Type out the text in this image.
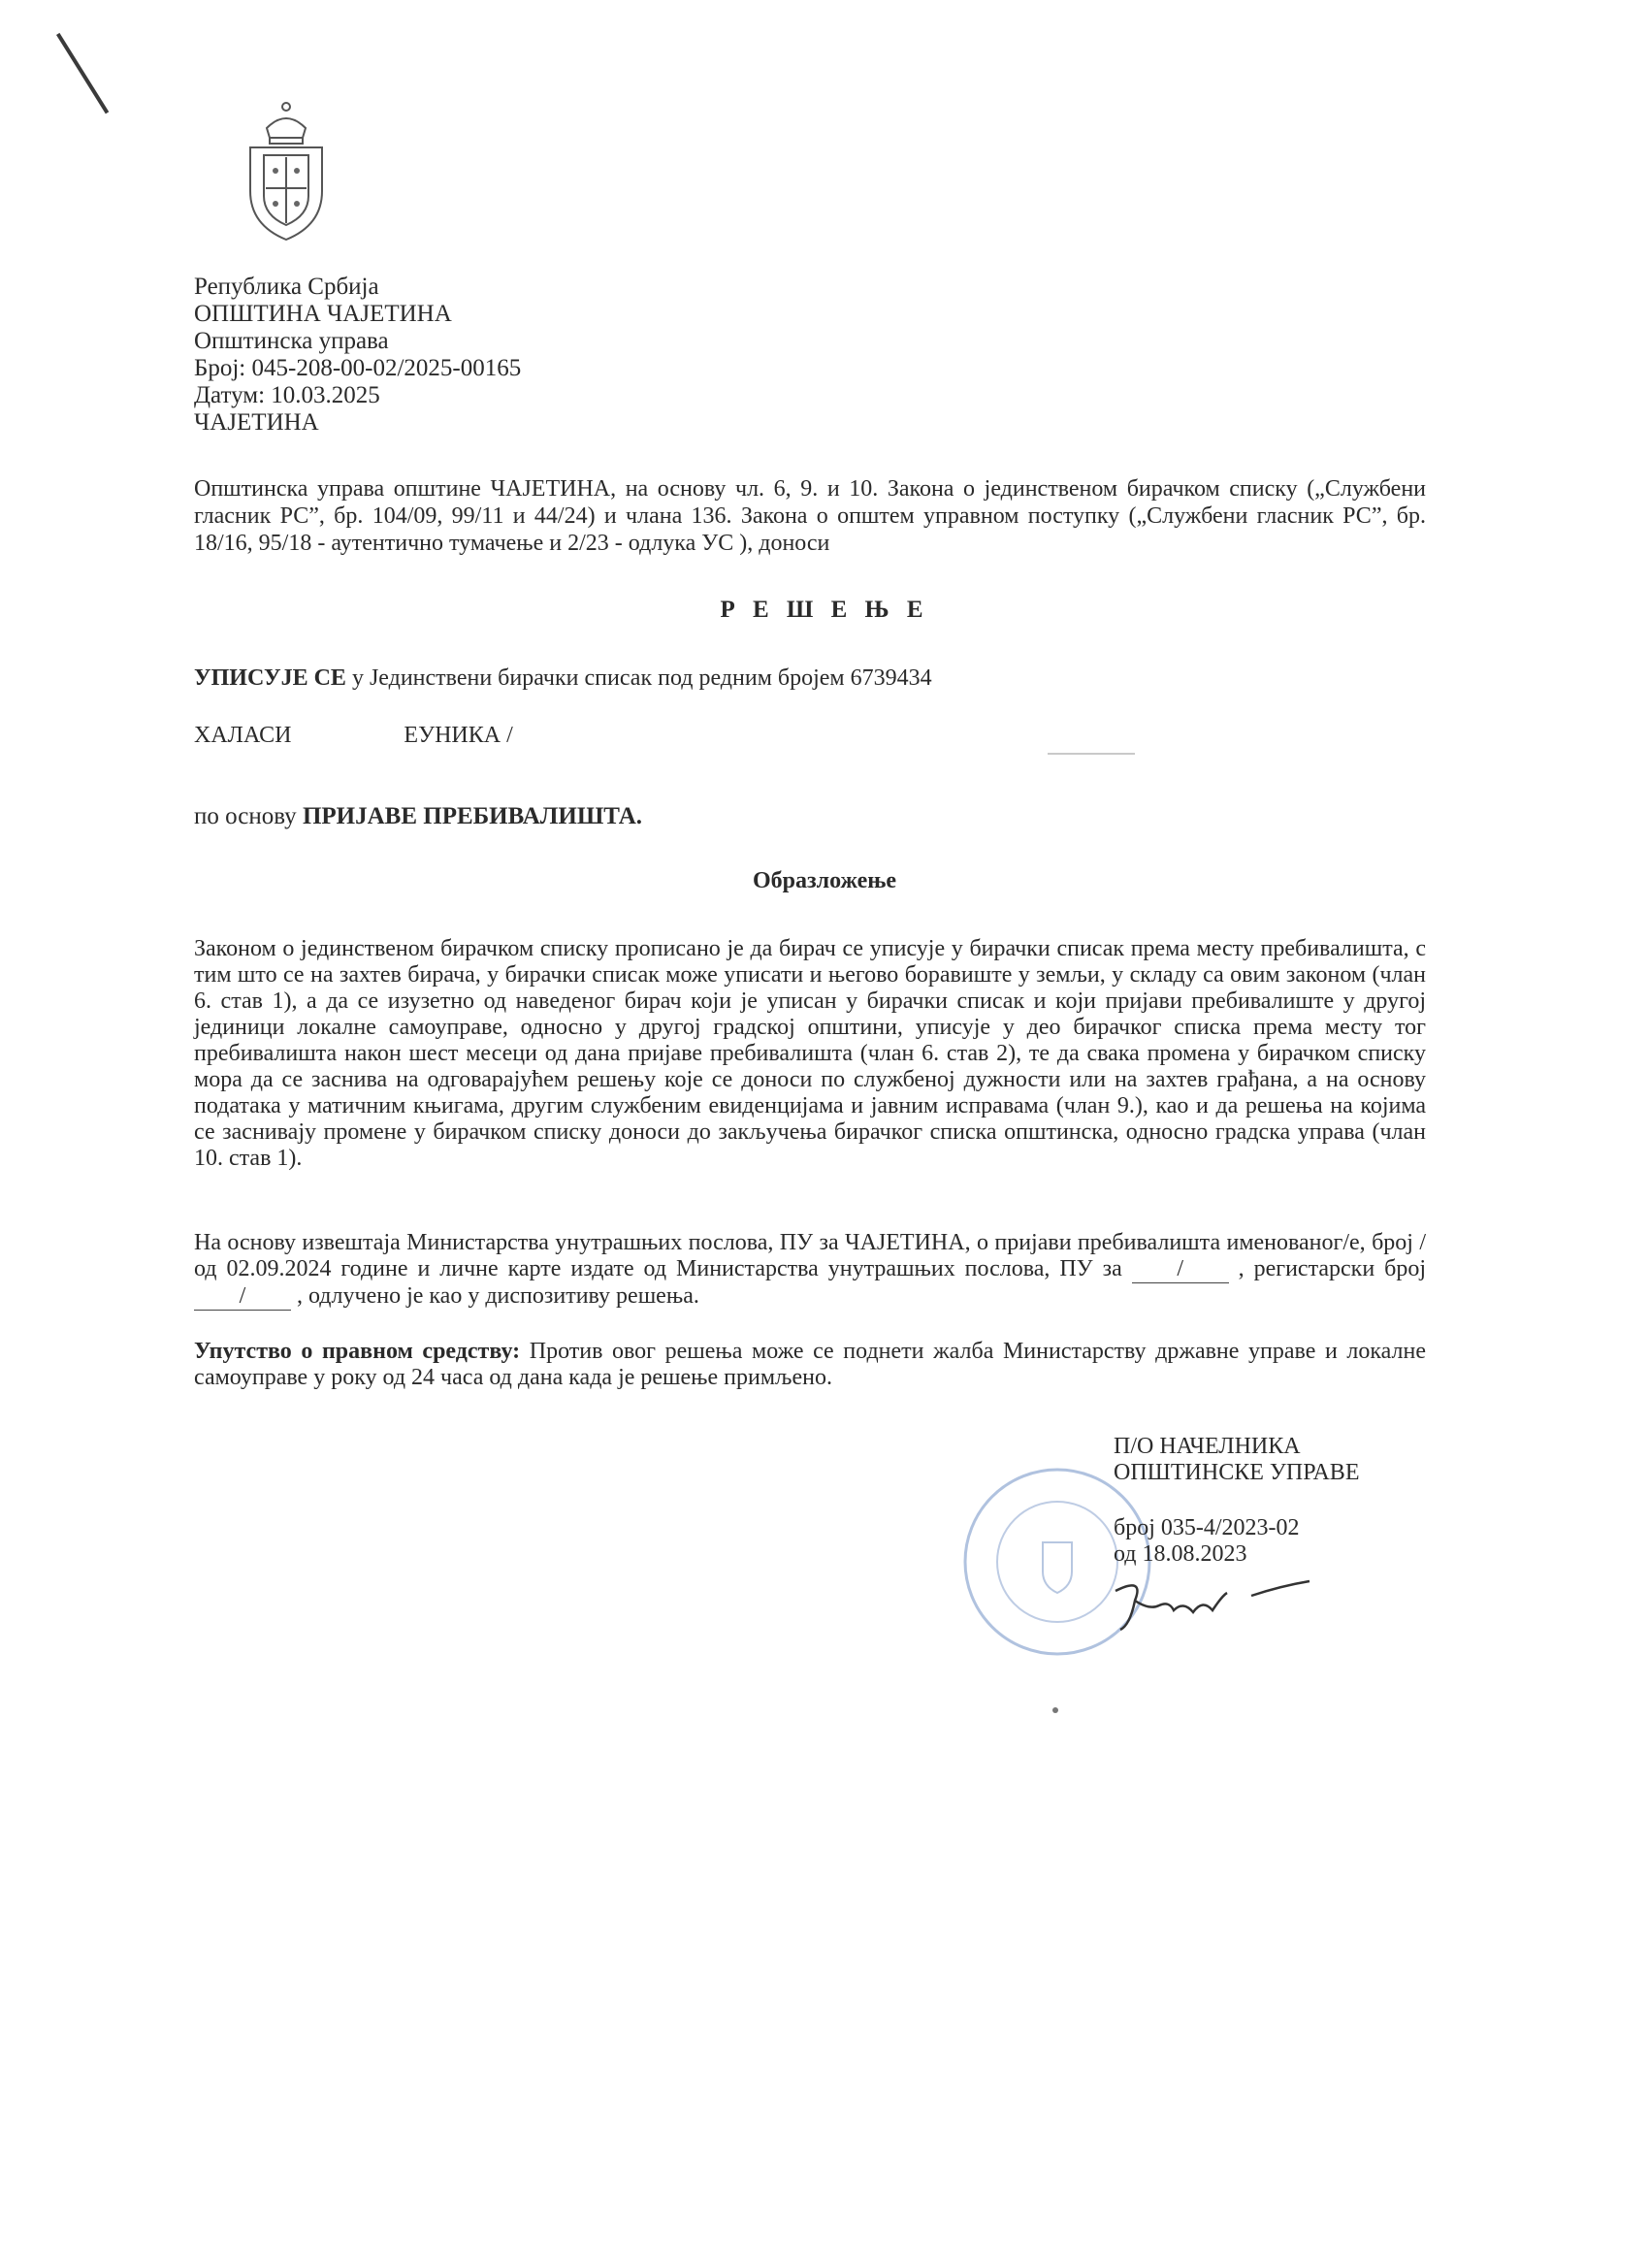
Република Србија
ОПШТИНА ЧАЈЕТИНА
Општинска управа
Број: 045-208-00-02/2025-00165
Датум: 10.03.2025
ЧАЈЕТИНА
Општинска управа општине ЧАЈЕТИНА, на основу чл. 6, 9. и 10. Закона о јединственом бирачком списку („Службени гласник РС”, бр. 104/09, 99/11 и 44/24) и члана 136. Закона о општем управном поступку („Службени гласник РС”, бр. 18/16, 95/18 - аутентично тумачење и 2/23 - одлука УС ), доноси
Р Е Ш Е Њ Е
УПИСУЈЕ СЕ у Јединствени бирачки списак под редним бројем 6739434
ХАЛАСИ	ЕУНИКА /
по основу ПРИЈАВЕ ПРЕБИВАЛИШТА.
Образложење
Законом о јединственом бирачком списку прописано је да бирач се уписује у бирачки списак према месту пребивалишта, с тим што се на захтев бирача, у бирачки списак може уписати и његово боравиште у земљи, у складу са овим законом (члан 6. став 1), а да се изузетно од наведеног бирач који је уписан у бирачки списак и који пријави пребивалиште у другој јединици локалне самоуправе, односно у другој градској општини, уписује у део бирачког списка према месту тог пребивалишта након шест месеци од дана пријаве пребивалишта (члан 6. став 2), те да свака промена у бирачком списку мора да се заснива на одговарајућем решењу које се доноси по службеној дужности или на захтев грађана, а на основу података у матичним књигама, другим службеним евиденцијама и јавним исправама (члан 9.), као и да решења на којима се заснивају промене у бирачком списку доноси до закључења бирачког списка општинска, односно градска управа (члан 10. став 1).
На основу извештаја Министарства унутрашњих послова, ПУ за ЧАЈЕТИНА, о пријави пребивалишта именованог/е, број / од 02.09.2024 године и личне карте издате од Министарства унутрашњих послова, ПУ за / , регистарски број / , одлучено је као у диспозитиву решења.
Упутство о правном средству: Против овог решења може се поднети жалба Министарству државне управе и локалне самоуправе у року од 24 часа од дана када је решење примљено.
П/О НАЧЕЛНИКА
ОПШТИНСКЕ УПРАВЕ
број 035-4/2023-02
од 18.08.2023
